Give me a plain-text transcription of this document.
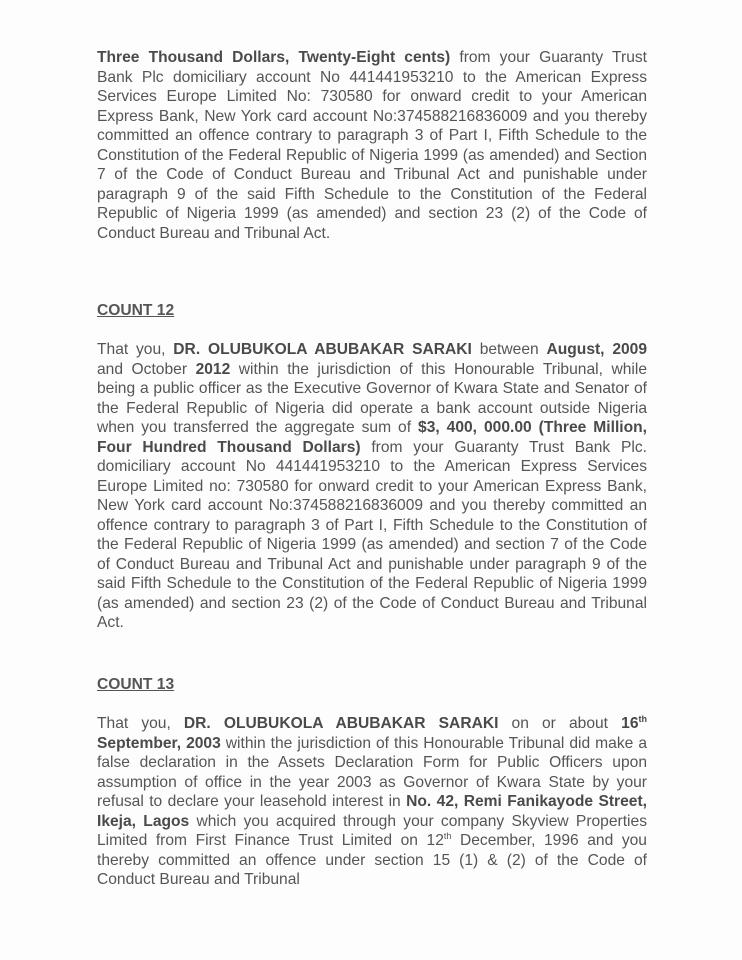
Three Thousand Dollars, Twenty-Eight cents) from your Guaranty Trust Bank Plc domiciliary account No 441441953210 to the American Express Services Europe Limited No: 730580 for onward credit to your American Express Bank, New York card account No:374588216836009 and you thereby committed an offence contrary to paragraph 3 of Part I, Fifth Schedule to the Constitution of the Federal Republic of Nigeria 1999 (as amended) and Section 7 of the Code of Conduct Bureau and Tribunal Act and punishable under paragraph 9 of the said Fifth Schedule to the Constitution of the Federal Republic of Nigeria 1999 (as amended) and section 23 (2) of the Code of Conduct Bureau and Tribunal Act.

COUNT 12

That you, DR. OLUBUKOLA ABUBAKAR SARAKI between August, 2009 and October 2012 within the jurisdiction of this Honourable Tribunal, while being a public officer as the Executive Governor of Kwara State and Senator of the Federal Republic of Nigeria did operate a bank account outside Nigeria when you transferred the aggregate sum of $3, 400, 000.00 (Three Million, Four Hundred Thousand Dollars) from your Guaranty Trust Bank Plc. domiciliary account No 441441953210 to the American Express Services Europe Limited no: 730580 for onward credit to your American Express Bank, New York card account No:374588216836009 and you thereby committed an offence contrary to paragraph 3 of Part I, Fifth Schedule to the Constitution of the Federal Republic of Nigeria 1999 (as amended) and section 7 of the Code of Conduct Bureau and Tribunal Act and punishable under paragraph 9 of the said Fifth Schedule to the Constitution of the Federal Republic of Nigeria 1999 (as amended) and section 23 (2) of the Code of Conduct Bureau and Tribunal Act.

COUNT 13

That you, DR. OLUBUKOLA ABUBAKAR SARAKI on or about 16th September, 2003 within the jurisdiction of this Honourable Tribunal did make a false declaration in the Assets Declaration Form for Public Officers upon assumption of office in the year 2003 as Governor of Kwara State by your refusal to declare your leasehold interest in No. 42, Remi Fanikayode Street, Ikeja, Lagos which you acquired through your company Skyview Properties Limited from First Finance Trust Limited on 12th December, 1996 and you thereby committed an offence under section 15 (1) & (2) of the Code of Conduct Bureau and Tribunal
